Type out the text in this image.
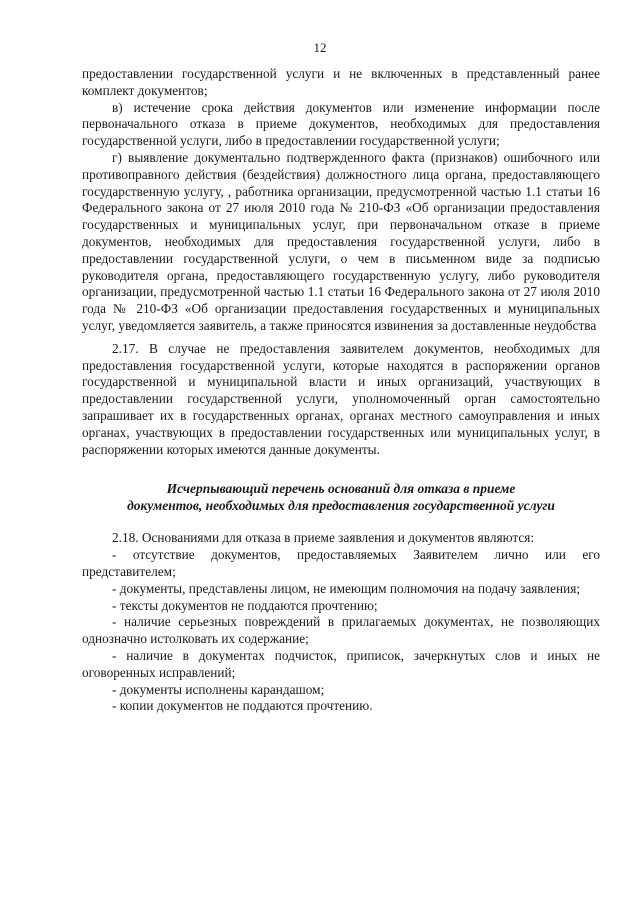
12

предоставлении государственной услуги и не включенных в представленный ранее комплект документов;

в) истечение срока действия документов или изменение информации после первоначального отказа в приеме документов, необходимых для предоставления государственной услуги, либо в предоставлении государственной услуги;

г) выявление документально подтвержденного факта (признаков) ошибочного или противоправного действия (бездействия) должностного лица органа, предоставляющего государственную услугу, , работника организации, предусмотренной частью 1.1 статьи 16 Федерального закона от 27 июля 2010 года № 210-ФЗ «Об организации предоставления государственных и муниципальных услуг, при первоначальном отказе в приеме документов, необходимых для предоставления государственной услуги, либо в предоставлении государственной услуги, о чем в письменном виде за подписью руководителя органа, предоставляющего государственную услугу, либо руководителя организации, предусмотренной частью 1.1 статьи 16 Федерального закона от 27 июля 2010 года № 210-ФЗ «Об организации предоставления государственных и муниципальных услуг, уведомляется заявитель, а также приносятся извинения за доставленные неудобства

2.17. В случае не предоставления заявителем документов, необходимых для предоставления государственной услуги, которые находятся в распоряжении органов государственной и муниципальной власти и иных организаций, участвующих в предоставлении государственной услуги, уполномоченный орган самостоятельно запрашивает их в государственных органах, органах местного самоуправления и иных органах, участвующих в предоставлении государственных или муниципальных услуг, в распоряжении которых имеются данные документы.

Исчерпывающий перечень оснований для отказа в приеме
документов, необходимых для предоставления государственной услуги

2.18. Основаниями для отказа в приеме заявления и документов являются:

- отсутствие документов, предоставляемых Заявителем лично или его представителем;

- документы, представлены лицом, не имеющим полномочия на подачу заявления;

- тексты документов не поддаются прочтению;

- наличие серьезных повреждений в прилагаемых документах, не позволяющих однозначно истолковать их содержание;

- наличие в документах подчисток, приписок, зачеркнутых слов и иных не оговоренных исправлений;

- документы исполнены карандашом;

- копии документов не поддаются прочтению.
